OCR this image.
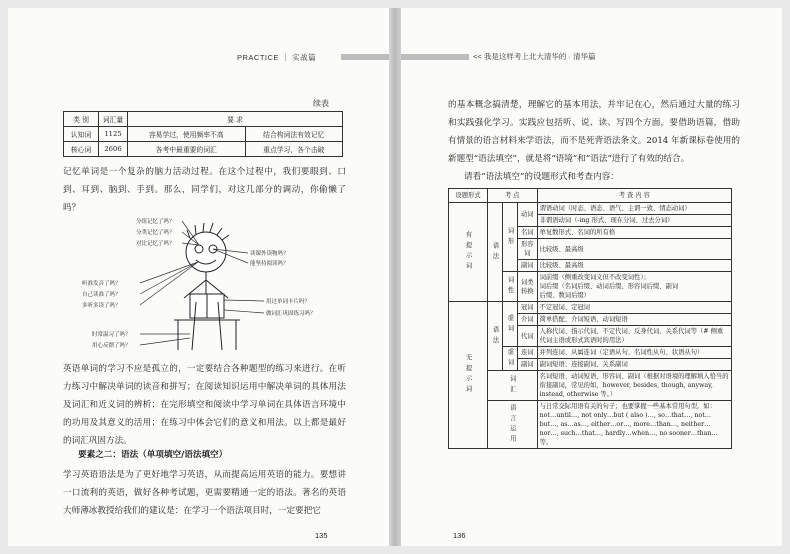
PRACTICE ｜ 实战篇
续表
类 别	词汇量	要 求	
认知词	1125	容易学过，使用频率不高	结合构词法有效记忆
核心词	2606	各考中最重要的词汇	重点学习，各个击破
记忆单词是一个复杂的脑力活动过程。在这个过程中，我们要眼到、口到、耳到、脑到、手到。那么，同学们，对这几部分的调动，你偷懒了吗？
分组记忆了吗？
分类记忆了吗？
对比记忆了吗？
读课外读物吗？
能坚持阅读吗？
听准发音了吗？
自己读准了吗？
多听多读了吗？
用过单词卡片吗？
做词汇巩固练习吗？
时常温习了吗？
用心反馈了吗？
英语单词的学习不应是孤立的，一定要结合各种题型的练习来进行。在听力练习中解决单词的读音和拼写；在阅读知识运用中解决单词的具体用法及词汇和近义词的辨析；在完形填空和阅读中学习单词在具体语言环境中的功用及其意义的活用；在练习中体会它们的意义和用法。以上都是最好的词汇巩固方法。
要素之二：语法（单项填空/语法填空）
学习英语语法是为了更好地学习英语，从而提高运用英语的能力。要想讲一口流利的英语，做好各种考试题，更需要精通一定的语法。著名的英语大师薄冰教授给我们的建议是：在学习一个语法项目时，一定要把它
135
<< 我是这样考上北大清华的 · 清华篇
的基本概念搞清楚，理解它的基本用法，并牢记在心，然后通过大量的练习和实践强化学习。实践应包括听、说、读、写四个方面，要借助语篇，借助有情景的语言材料来学语法，而不是死背语法条文。2014 年新课标卷使用的新题型“语法填空”，就是将“语境”和“语法”进行了有效的结合。
请看“语法填空”的设题形式和考查内容：
设题形式	考 点			考 查 内 容
有提示词	语法	词形	动词	谓语动词（时态、语态、语气、主谓一致、情态动词）
				非谓语动词（-ing 形式、现在分词、过去分词）
			名词	单复数形式、名词的所有格
			形容词	比较级、最高级
			副词	比较级、最高级
		词性	词类转换	词前缀（侧重改变词义但不改变词性）；
词后缀（名词后缀、动词后缀、形容词后缀、副词
后缀、数词后缀）

无提示词	语法	虚词	冠词	不定冠词、定冠词
			介词	简单搭配、介词短语、动词短语
			代词	人称代词、指示代词、不定代词、反身代词、关系代词等（# 侧重代词主语或形式宾语时的用法）
		虚词	连词	并列连词、从属连词（定语从句、名词性从句、状语从句）
			副词	副词短语、连接副词、关系副词
	词汇			名词短语、动词短语、形容词、副词（根据对语境的理解填入恰当的衔接副词，常见的如，however, besides, though, anyway, instead, otherwise 等。）
	语言运用			与日常交际用语有关的句子；也要掌握一些基本常用句型。如：not…until…, not only…but ( also )…, so…that…, not…but…, as…as…, either…or…, more…than…, neither…nor…, such…that…, hardly…when…, no sooner…than… 等。
136
